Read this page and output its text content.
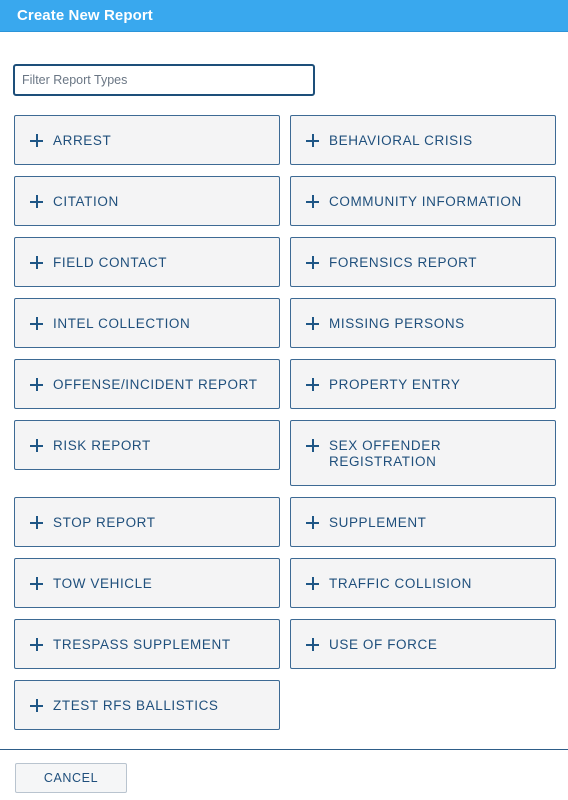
Create New Report
Filter Report Types
ARREST	BEHAVIORAL CRISIS
CITATION	COMMUNITY INFORMATION
FIELD CONTACT	FORENSICS REPORT
INTEL COLLECTION	MISSING PERSONS
OFFENSE/INCIDENT REPORT	PROPERTY ENTRY
RISK REPORT	SEX OFFENDER REGISTRATION
STOP REPORT	SUPPLEMENT
TOW VEHICLE	TRAFFIC COLLISION
TRESPASS SUPPLEMENT	USE OF FORCE
ZTEST RFS BALLISTICS
CANCEL
